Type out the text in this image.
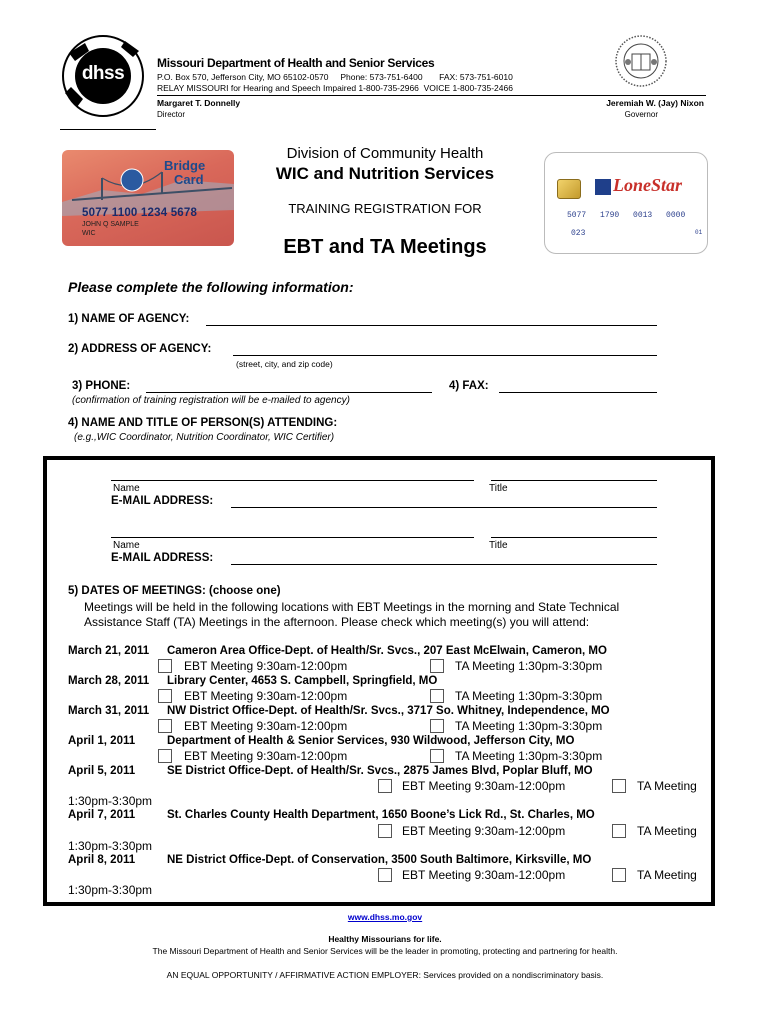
dhss	Missouri Department of Health and Senior Services
P.O. Box 570, Jefferson City, MO 65102-0570     Phone: 573-751-6400       FAX: 573-751-6010
RELAY MISSOURI for Hearing and Speech Impaired 1-800-735-2966  VOICE 1-800-735-2466
Margaret T. Donnelly
Director
Jeremiah W. (Jay) Nixon
Governor
Bridge
Card
5077 1100 1234 5678
JOHN Q SAMPLE
WIC
LoneStar
5077 1790 0013 0000
023	01
Division of Community Health
WIC and Nutrition Services
TRAINING REGISTRATION FOR
EBT and TA Meetings
Please complete the following information:
1) NAME OF AGENCY:
2) ADDRESS OF AGENCY:
(street, city, and zip code)
3) PHONE:	4) FAX:
(confirmation of training registration will be e-mailed to agency)
4) NAME AND TITLE OF PERSON(S) ATTENDING:
(e.g.,WIC Coordinator, Nutrition Coordinator, WIC Certifier)
Name	Title
E-MAIL ADDRESS:
Name	Title
E-MAIL ADDRESS:
5) DATES OF MEETINGS: (choose one)
Meetings will be held in the following locations with EBT Meetings in the morning and State Technical
Assistance Staff (TA) Meetings in the afternoon. Please check which meeting(s) you will attend:
March 21, 2011 Cameron Area Office-Dept. of Health/Sr. Svcs., 207 East McElwain, Cameron, MO
EBT Meeting 9:30am-12:00pm	TA Meeting 1:30pm-3:30pm
March 28, 2011 Library Center, 4653 S. Campbell, Springfield, MO
EBT Meeting 9:30am-12:00pm	TA Meeting 1:30pm-3:30pm
March 31, 2011 NW District Office-Dept. of Health/Sr. Svcs., 3717 So. Whitney, Independence, MO
EBT Meeting 9:30am-12:00pm	TA Meeting 1:30pm-3:30pm
April 1, 2011	Department of Health & Senior Services, 930 Wildwood, Jefferson City, MO
EBT Meeting 9:30am-12:00pm	TA Meeting 1:30pm-3:30pm
April 5, 2011	SE District Office-Dept. of Health/Sr. Svcs., 2875 James Blvd, Poplar Bluff, MO
EBT Meeting 9:30am-12:00pm	TA Meeting
1:30pm-3:30pm
April 7, 2011	St. Charles County Health Department, 1650 Boone’s Lick Rd., St. Charles, MO
EBT Meeting 9:30am-12:00pm	TA Meeting
1:30pm-3:30pm
April 8, 2011	NE District Office-Dept. of Conservation, 3500 South Baltimore, Kirksville, MO
EBT Meeting 9:30am-12:00pm	TA Meeting
1:30pm-3:30pm
www.dhss.mo.gov
Healthy Missourians for life.
The Missouri Department of Health and Senior Services will be the leader in promoting, protecting and partnering for health.
AN EQUAL OPPORTUNITY / AFFIRMATIVE ACTION EMPLOYER: Services provided on a nondiscriminatory basis.
